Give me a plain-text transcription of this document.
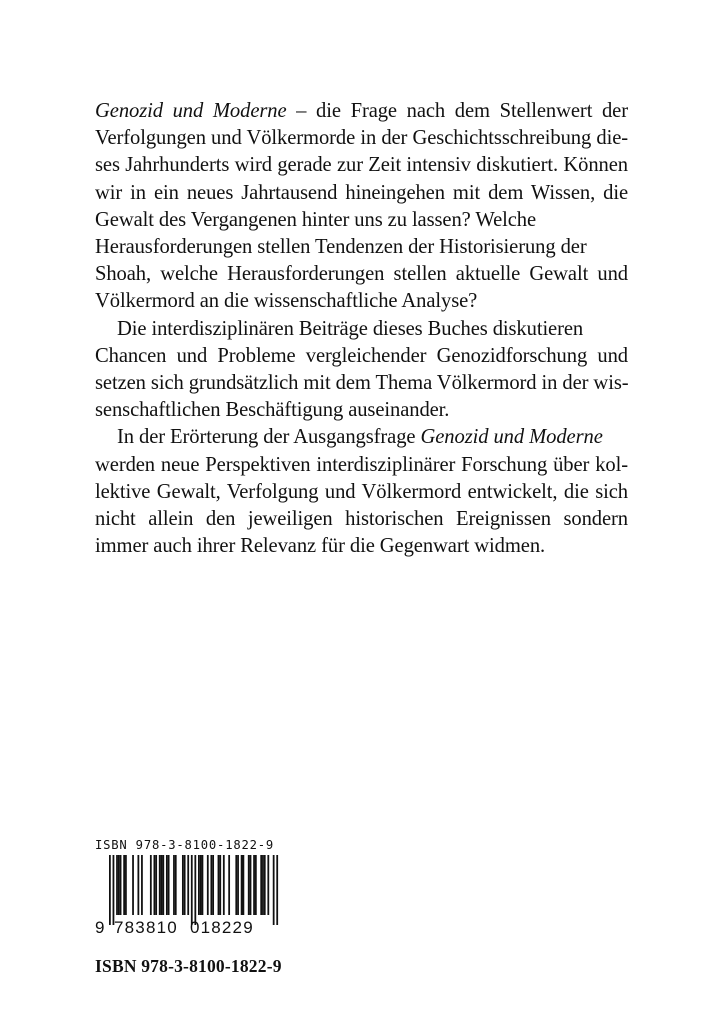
Genozid und Moderne – die Frage nach dem Stellenwert der
Verfolgungen und Völkermorde in der Geschichtsschreibung die-
ses Jahrhunderts wird gerade zur Zeit intensiv diskutiert. Können
wir in ein neues Jahrtausend hineingehen mit dem Wissen, die
Gewalt des Vergangenen hinter uns zu lassen? Welche
Herausforderungen stellen Tendenzen der Historisierung der
Shoah, welche Herausforderungen stellen aktuelle Gewalt und
Völkermord an die wissenschaftliche Analyse?
Die interdisziplinären Beiträge dieses Buches diskutieren
Chancen und Probleme vergleichender Genozidforschung und
setzen sich grundsätzlich mit dem Thema Völkermord in der wis-
senschaftlichen Beschäftigung auseinander.
In der Erörterung der Ausgangsfrage Genozid und Moderne
werden neue Perspektiven interdisziplinärer Forschung über kol-
lektive Gewalt, Verfolgung und Völkermord entwickelt, die sich
nicht allein den jeweiligen historischen Ereignissen sondern
immer auch ihrer Relevanz für die Gegenwart widmen.
ISBN 978-3-8100-1822-9
9 783810 018229
ISBN 978-3-8100-1822-9
